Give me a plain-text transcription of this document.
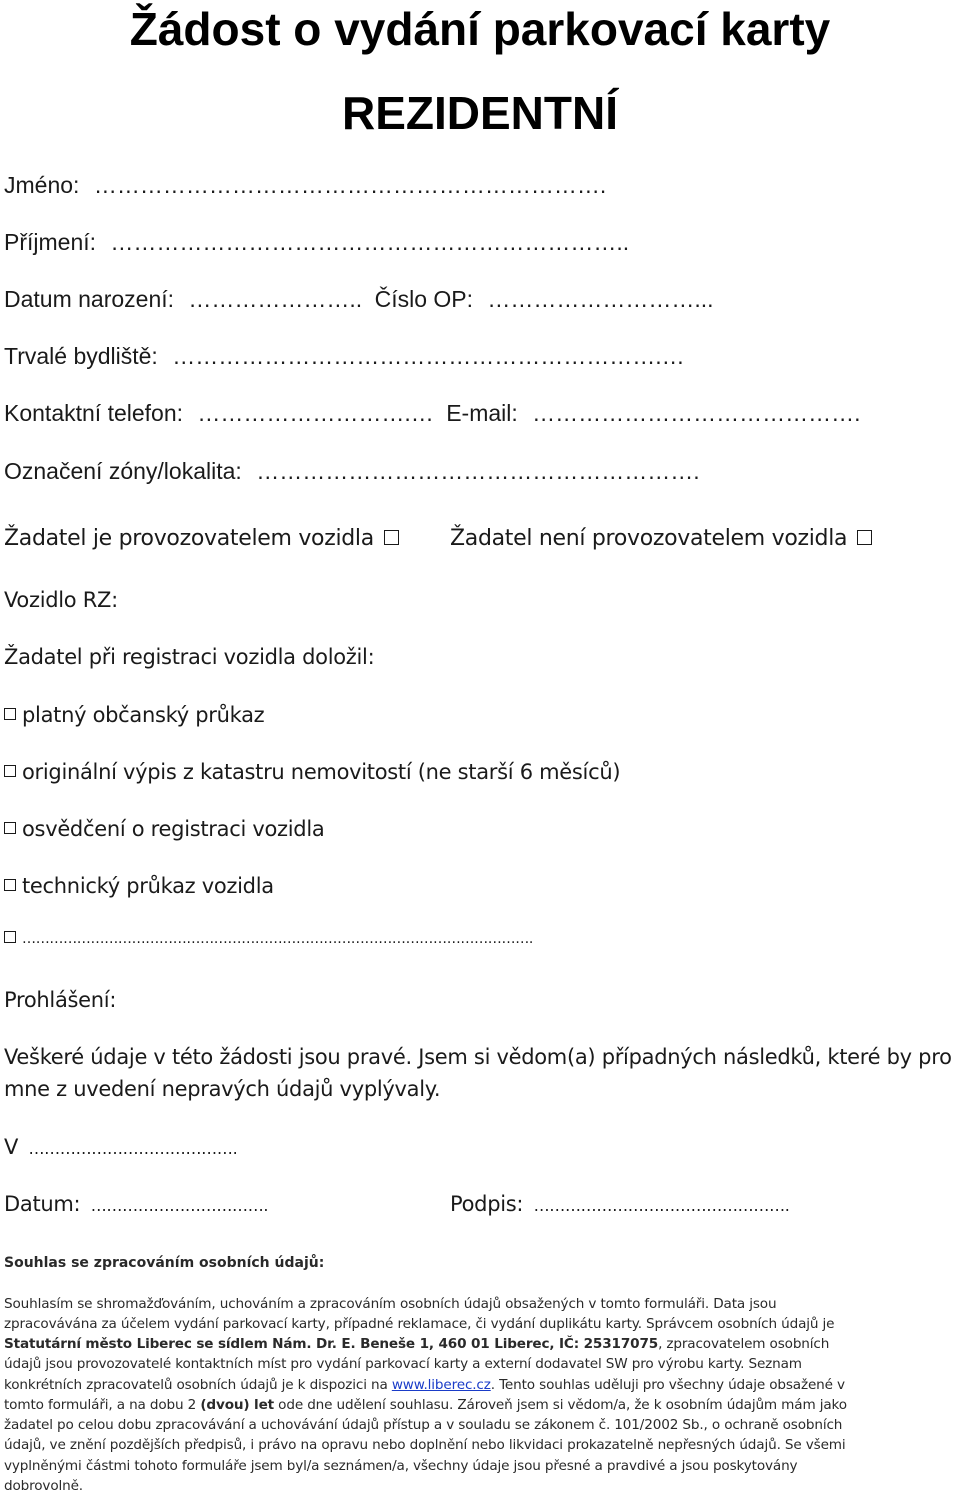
Žádost o vydání parkovací karty
REZIDENTNÍ
Jméno: ………………………………………………………….
Příjmení: …………………………………………………………..
Datum narození: ………………….. Číslo OP: ………………………...
Trvalé bydliště: ……………………………………………………….…
Kontaktní telefon: ……………………….… E-mail: …………………………………….
Označení zóny/lokalita: ………………………………………………….
Žadatel je provozovatelem vozidla	Žadatel není provozovatelem vozidla
Vozidlo RZ:
Žadatel při registraci vozidla doložil:
platný občanský průkaz
originální výpis z katastru nemovitostí (ne starší 6 měsíců)
osvědčení o registraci vozidla
technický průkaz vozidla
………………………………………………………………………………………………….
Prohlášení:
Veškeré údaje v této žádosti jsou pravé. Jsem si vědom(a) případných následků, které by pro
mne z uvedení nepravých údajů vyplývaly.
V ………………………………….
Datum: …………………………….	Podpis: ………………………………………….
Souhlas se zpracováním osobních údajů:
Souhlasím se shromažďováním, uchováním a zpracováním osobních údajů obsažených v tomto formuláři. Data jsou
zpracovávána za účelem vydání parkovací karty, případné reklamace, či vydání duplikátu karty. Správcem osobních údajů je
Statutární město Liberec se sídlem Nám. Dr. E. Beneše 1, 460 01 Liberec, IČ: 25317075, zpracovatelem osobních
údajů jsou provozovatelé kontaktních míst pro vydání parkovací karty a externí dodavatel SW pro výrobu karty. Seznam
konkrétních zpracovatelů osobních údajů je k dispozici na www.liberec.cz. Tento souhlas uděluji pro všechny údaje obsažené v
tomto formuláři, a na dobu 2 (dvou) let ode dne udělení souhlasu. Zároveň jsem si vědom/a, že k osobním údajům mám jako
žadatel po celou dobu zpracovávání a uchovávání údajů přístup a v souladu se zákonem č. 101/2002 Sb., o ochraně osobních
údajů, ve znění pozdějších předpisů, i právo na opravu nebo doplnění nebo likvidaci prokazatelně nepřesných údajů. Se všemi
vyplněnými částmi tohoto formuláře jsem byl/a seznámen/a, všechny údaje jsou přesné a pravdivé a jsou poskytovány
dobrovolně.
